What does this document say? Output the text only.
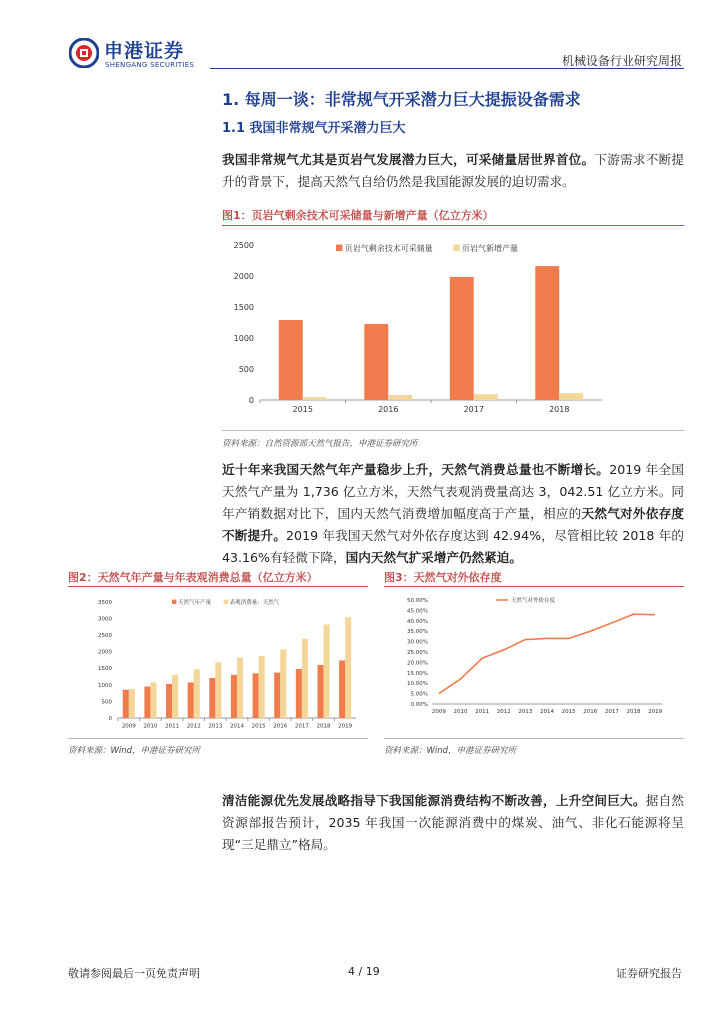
申港证券
SHENGANG SECURITIES	机械设备行业研究周报
1. 每周一谈：非常规气开采潜力巨大提振设备需求
1.1 我国非常规气开采潜力巨大
我国非常规气尤其是页岩气发展潜力巨大，可采储量居世界首位。下游需求不断提升的背景下，提高天然气自给仍然是我国能源发展的迫切需求。
图1：页岩气剩余技术可采储量与新增产量（亿立方米）
0
500
1000
1500
2000
2500
2015	2016	2017	2018
页岩气剩余技术可采储量	页岩气新增产量
资料来源：自然资源部天然气报告，申港证券研究所
近十年来我国天然气年产量稳步上升，天然气消费总量也不断增长。2019 年全国天然气产量为 1,736 亿立方米，天然气表观消费量高达 3，042.51 亿立方米。同年产销数据对比下，国内天然气消费增加幅度高于产量，相应的天然气对外依存度不断提升。2019 年我国天然气对外依存度达到 42.94%，尽管相比较 2018 年的 43.16%有轻微下降，国内天然气扩采增产仍然紧迫。
图2：天然气年产量与年表观消费总量（亿立方米）
0
500
1000
1500
2000
2500
3000
3500
2009 2010 2011 2012 2013 2014 2015 2016 2017 2018 2019
天然气年产量	表观消费量：天然气
资料来源：Wind，申港证券研究所
图3：天然气对外依存度
0.00%
5.00%
10.00%
15.00%
20.00%
25.00%
30.00%
35.00%
40.00%
45.00%
50.00%
2009 2010 2011 2012 2013 2014 2015 2016 2017 2018 2019
天然气对外依存度
资料来源：Wind，申港证券研究所
清洁能源优先发展战略指导下我国能源消费结构不断改善，上升空间巨大。据自然资源部报告预计，2035 年我国一次能源消费中的煤炭、油气、非化石能源将呈现“三足鼎立”格局。
敬请参阅最后一页免责声明	4 / 19	证券研究报告
